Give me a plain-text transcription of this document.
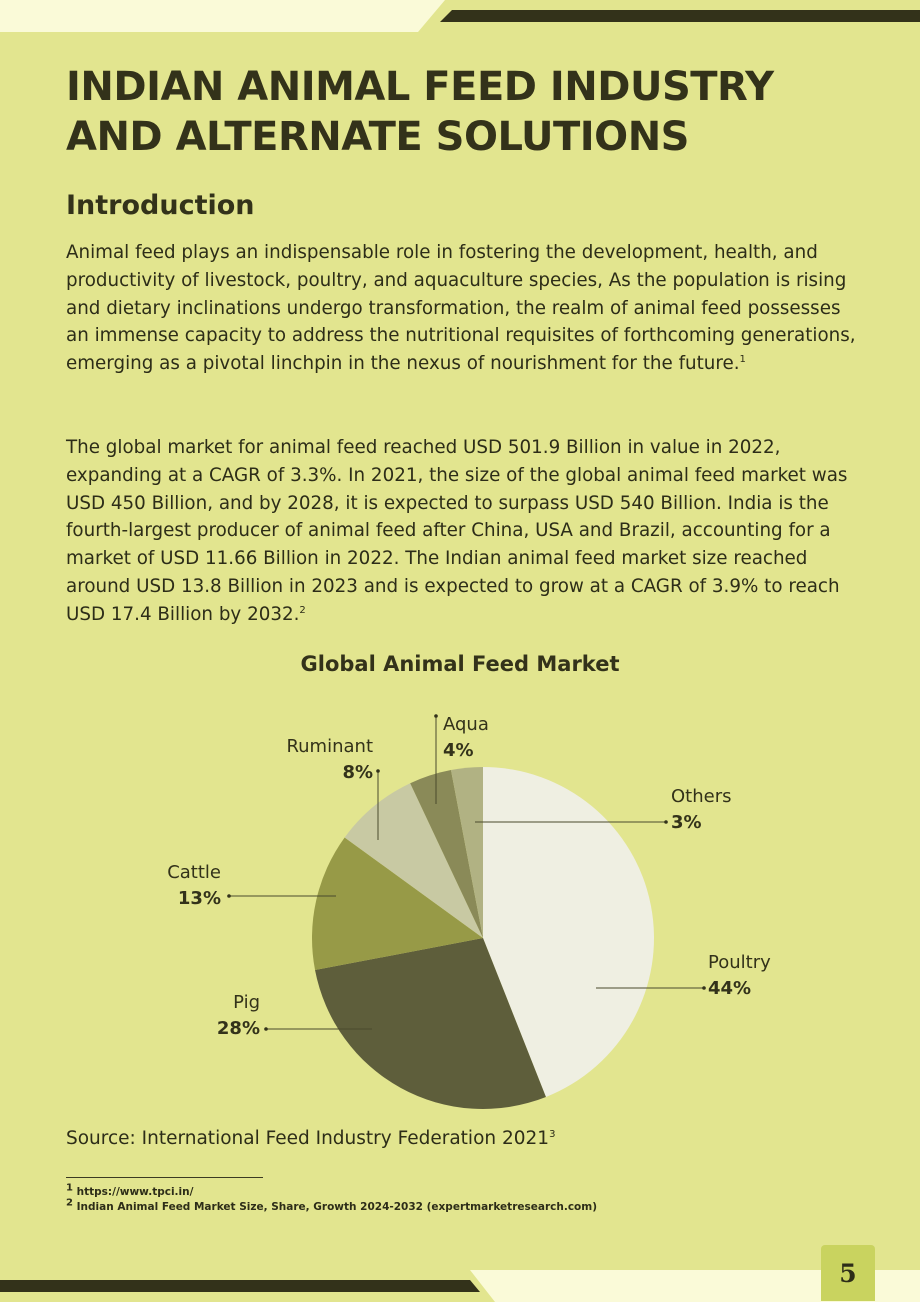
INDIAN ANIMAL FEED INDUSTRY AND ALTERNATE SOLUTIONS
Introduction

Animal feed plays an indispensable role in fostering the development, health, and productivity of livestock, poultry, and aquaculture species, As the population is rising and dietary inclinations undergo transformation, the realm of animal feed possesses an immense capacity to address the nutritional requisites of forthcoming generations, emerging as a pivotal linchpin in the nexus of nourishment for the future.$^1$

The global market for animal feed reached USD 501.9 Billion in value in 2022, expanding at a CAGR of 3.3%. In 2021, the size of the global animal feed market was USD 450 Billion, and by 2028, it is expected to surpass USD 540 Billion. India is the fourth-largest producer of animal feed after China, USA and Brazil, accounting for a market of USD 11.66 Billion in 2022. The Indian animal feed market size reached around USD 13.8 Billion in 2023 and is expected to grow at a CAGR of 3.9% to reach USD 17.4 Billion by 2032.$^2$

Global Animal Feed Market
Poultry
44%
Pig
28%
Cattle
13%
Ruminant
8%
Aqua
4%
Others
3%

Source: International Feed Industry Federation 2021$^3$

$^1$ https://www.tpci.in/

$^2$ Indian Animal Feed Market Size, Share, Growth 2024-2032 (expertmarketresearch.com)

5
